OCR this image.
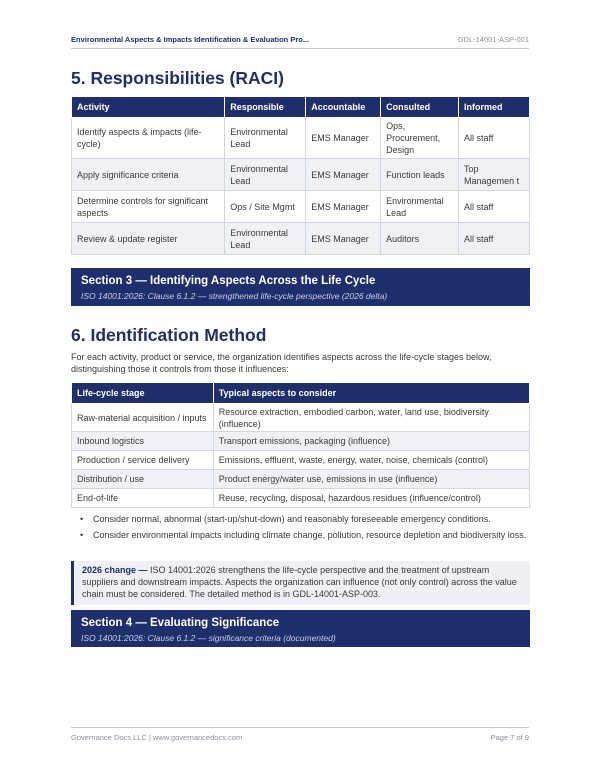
Environmental Aspects & Impacts Identification & Evaluation Pro...	GDL-14001-ASP-001
5. Responsibilities (RACI)
Activity	Responsible	Accountable	Consulted	Informed
Identify aspects & impacts (life-cycle)	Environmental Lead	EMS Manager	Ops, Procurement, Design	All staff
Apply significance criteria	Environmental Lead	EMS Manager	Function leads	Top Managemen t
Determine controls for significant aspects	Ops / Site Mgmt	EMS Manager	Environmental Lead	All staff
Review & update register	Environmental Lead	EMS Manager	Auditors	All staff
Section 3 — Identifying Aspects Across the Life Cycle
ISO 14001:2026: Clause 6.1.2 — strengthened life-cycle perspective (2026 delta)
6. Identification Method
For each activity, product or service, the organization identifies aspects across the life-cycle stages below, distinguishing those it controls from those it influences:
Life-cycle stage	Typical aspects to consider
Raw-material acquisition / inputs	Resource extraction, embodied carbon, water, land use, biodiversity (influence)
Inbound logistics	Transport emissions, packaging (influence)
Production / service delivery	Emissions, effluent, waste, energy, water, noise, chemicals (control)
Distribution / use	Product energy/water use, emissions in use (influence)
End-of-life	Reuse, recycling, disposal, hazardous residues (influence/control)
• Consider normal, abnormal (start-up/shut-down) and reasonably foreseeable emergency conditions.
• Consider environmental impacts including climate change, pollution, resource depletion and biodiversity loss.
2026 change — ISO 14001:2026 strengthens the life-cycle perspective and the treatment of upstream suppliers and downstream impacts. Aspects the organization can influence (not only control) across the value chain must be considered. The detailed method is in GDL-14001-ASP-003.
Section 4 — Evaluating Significance
ISO 14001:2026: Clause 6.1.2 — significance criteria (documented)
Governance Docs LLC | www.governancedocs.com	Page 7 of 9
